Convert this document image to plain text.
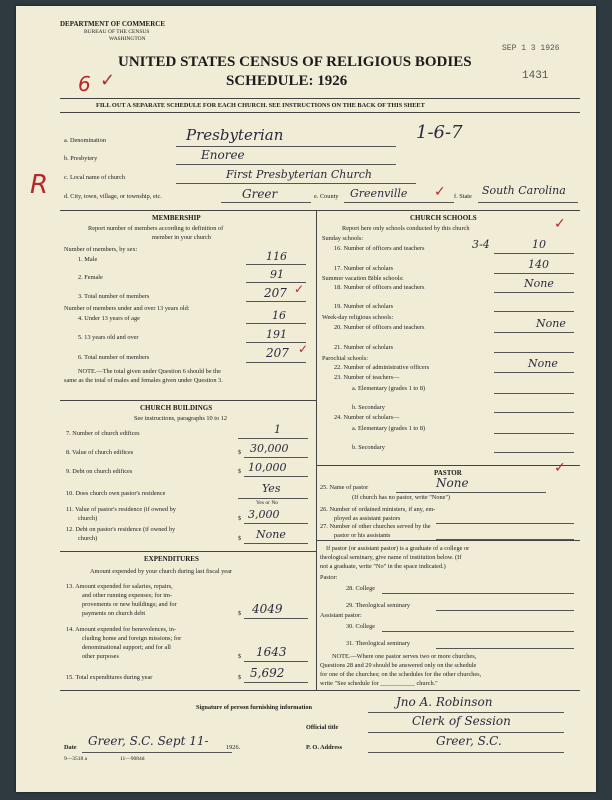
DEPARTMENT OF COMMERCE
BUREAU OF THE CENSUS
WASHINGTON
UNITED STATES CENSUS OF RELIGIOUS BODIES
SCHEDULE: 1926
SEP 1 3 1926
1431
6 ✓
R
FILL OUT A SEPARATE SCHEDULE FOR EACH CHURCH. SEE INSTRUCTIONS ON THE BACK OF THIS SHEET
a. Denomination	Presbyterian	1-6-7
b. Presbytery	Enoree
c. Local name of church	First Presbyterian Church
d. City, town, village, or township, etc.	Greer	e. County Greenville ✓ f. State South Carolina
MEMBERSHIP
Report number of members according to definition of
member in your church
Number of members, by sex:
1. Male	116
2. Female	91
3. Total number of members	207 ✓
Number of members under and over 13 years old:
4. Under 13 years of age	16
5. 13 years old and over	191
6. Total number of members	207 ✓
NOTE.—The total given under Question 6 should be the
same as the total of males and females given under Question 3.
CHURCH BUILDINGS
See instructions, paragraphs 10 to 12
7. Number of church edifices	1
8. Value of church edifices	$ 30,000
9. Debt on church edifices	$ 10,000
10. Does church own pastor's residence	Yes
Yes or No
11. Value of pastor's residence (if owned by
church)	$ 3,000
12. Debt on pastor's residence (if owned by
church)	$ None
EXPENDITURES
Amount expended by your church during last fiscal year
13. Amount expended for salaries, repairs,
and other running expenses; for im-
provements or new buildings; and for
payments on church debt	$ 4049
14. Amount expended for benevolences, in-
cluding home and foreign missions; for
denominational support; and for all
other purposes	$ 1643
15. Total expenditures during year	$ 5,692
CHURCH SCHOOLS
Report here only schools conducted by this church	✓
Sunday schools:
16. Number of officers and teachers	3-4	10
17. Number of scholars	140
Summer vacation Bible schools:
18. Number of officers and teachers	None
19. Number of scholars
Week-day religious schools:
20. Number of officers and teachers	None
21. Number of scholars
Parochial schools:
22. Number of administrative officers	None
23. Number of teachers—
a. Elementary (grades 1 to 8)
b. Secondary
24. Number of scholars—
a. Elementary (grades 1 to 8)
b. Secondary
PASTOR	✓
25. Name of pastor	None
(If church has no pastor, write "None")
26. Number of ordained ministers, if any, em-
ployed as assistant pastors
27. Number of other churches served by the
pastor or his assistants
If pastor (or assistant pastor) is a graduate of a college or
theological seminary, give name of institution below. (If
not a graduate, write "No" in the space indicated.)
Pastor:
28. College
29. Theological seminary
Assistant pastor:
30. College
31. Theological seminary
NOTE.—Where one pastor serves two or more churches,
Questions 28 and 29 should be answered only on the schedule
for one of the churches; on the schedules for the other churches,
write "See schedule for ___________ church."
Signature of person furnishing information	Jno A. Robinson
Official title	Clerk of Session
Date Greer, S.C. Sept 11-	1926.	P. O. Address	Greer, S.C.
9—3518 a	11—9084d
